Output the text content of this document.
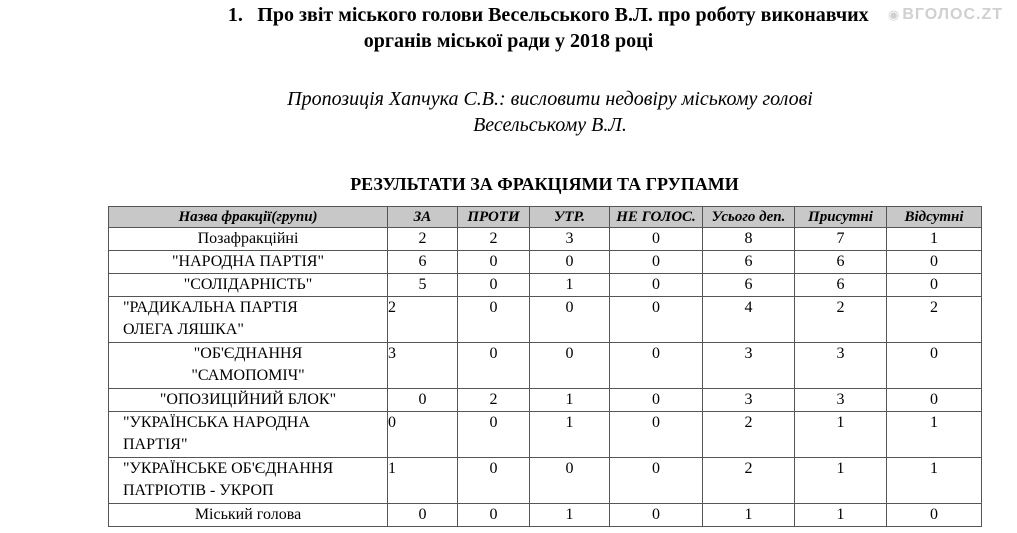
1. Про звіт міського голови Весельського В.Л. про роботу виконавчих
органів міської ради у 2018 році
◉ ВГОЛОС.ZT
Пропозиція Хапчука С.В.: висловити недовіру міському голові
Весельському В.Л.
РЕЗУЛЬТАТИ ЗА ФРАКЦІЯМИ ТА ГРУПАМИ
Назва фракції(групи)	ЗА	ПРОТИ	УТР.	НЕ ГОЛОС.	Усього деп.	Присутні	Відсутні

Позафракційні	2	2	3	0	8	7	1

"НАРОДНА ПАРТІЯ"	6	0	0	0	6	6	0

"СОЛІДАРНІСТЬ"	5	0	1	0	6	6	0

"РАДИКАЛЬНА ПАРТІЯ
ОЛЕГА ЛЯШКА"	2	0	0	0	4	2	2

"ОБ'ЄДНАННЯ
"САМОПОМІЧ"	3	0	0	0	3	3	0

"ОПОЗИЦІЙНИЙ БЛОК"	0	2	1	0	3	3	0

"УКРАЇНСЬКА НАРОДНА
ПАРТІЯ"	0	0	1	0	2	1	1

"УКРАЇНСЬКЕ ОБ'ЄДНАННЯ
ПАТРІОТІВ - УКРОП	1	0	0	0	2	1	1

Міський голова	0	0	1	0	1	1	0
